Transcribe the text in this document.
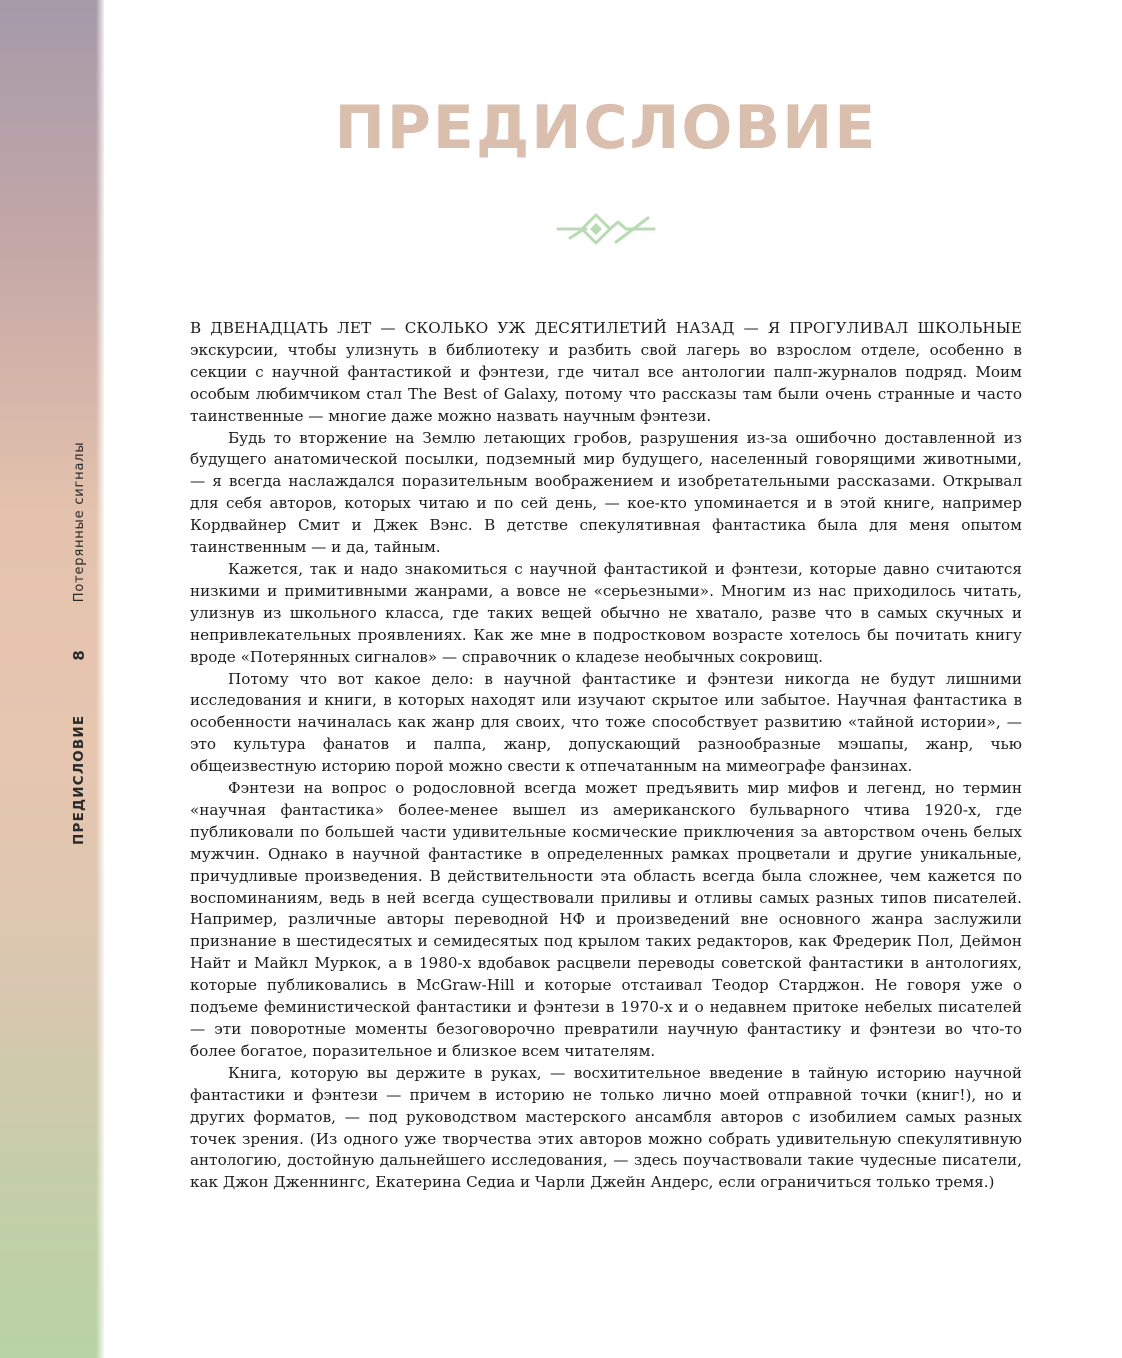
ПРЕДИСЛОВИЕ
8
Потерянные сигналы
ПРЕДИСЛОВИЕ

В ДВЕНАДЦАТЬ ЛЕТ — СКОЛЬКО УЖ ДЕСЯТИЛЕТИЙ НАЗАД — Я ПРОГУЛИВАЛ ШКОЛЬНЫЕ экскурсии, чтобы улизнуть в библиотеку и разбить свой лагерь во взрослом отделе, особенно в секции с научной фантастикой и фэнтези, где читал все антологии палп-журналов подряд. Моим особым любимчиком стал The Best of Galaxy, потому что рассказы там были очень странные и часто таинственные — многие даже можно назвать научным фэнтези.

Будь то вторжение на Землю летающих гробов, разрушения из-за ошибочно доставленной из будущего анатомической посылки, подземный мир будущего, населенный говорящими животными, — я всегда наслаждался поразительным воображением и изобретательными рассказами. Открывал для себя авторов, которых читаю и по сей день, — кое-кто упоминается и в этой книге, например Кордвайнер Смит и Джек Вэнс. В детстве спекулятивная фантастика была для меня опытом таинственным — и да, тайным.

Кажется, так и надо знакомиться с научной фантастикой и фэнтези, которые давно считаются низкими и примитивными жанрами, а вовсе не «серьезными». Многим из нас приходилось читать, улизнув из школьного класса, где таких вещей обычно не хватало, разве что в самых скучных и непривлекательных проявлениях. Как же мне в подростковом возрасте хотелось бы почитать книгу вроде «Потерянных сигналов» — справочник о кладезе необычных сокровищ.

Потому что вот какое дело: в научной фантастике и фэнтези никогда не будут лишними исследования и книги, в которых находят или изучают скрытое или забытое. Научная фантастика в особенности начиналась как жанр для своих, что тоже способствует развитию «тайной истории», — это культура фанатов и палпа, жанр, допускающий разнообразные мэшапы, жанр, чью общеизвестную историю порой можно свести к отпечатанным на мимеографе фанзинах.

Фэнтези на вопрос о родословной всегда может предъявить мир мифов и легенд, но термин «научная фантастика» более-менее вышел из американского бульварного чтива 1920-х, где публиковали по большей части удивительные космические приключения за авторством очень белых мужчин. Однако в научной фантастике в определенных рамках процветали и другие уникальные, причудливые произведения. В действительности эта область всегда была сложнее, чем кажется по воспоминаниям, ведь в ней всегда существовали приливы и отливы самых разных типов писателей. Например, различные авторы переводной НФ и произведений вне основного жанра заслужили признание в шестидесятых и семидесятых под крылом таких редакторов, как Фредерик Пол, Деймон Найт и Майкл Муркок, а в 1980-х вдобавок расцвели переводы советской фантастики в антологиях, которые публиковались в McGraw-Hill и которые отстаивал Теодор Старджон. Не говоря уже о подъеме феминистической фантастики и фэнтези в 1970-х и о недавнем притоке небелых писателей — эти поворотные моменты безоговорочно превратили научную фантастику и фэнтези во что-то более богатое, поразительное и близкое всем читателям.

Книга, которую вы держите в руках, — восхитительное введение в тайную историю научной фантастики и фэнтези — причем в историю не только лично моей отправной точки (книг!), но и других форматов, — под руководством мастерского ансамбля авторов с изобилием самых разных точек зрения. (Из одного уже творчества этих авторов можно собрать удивительную спекулятивную антологию, достойную дальнейшего исследования, — здесь поучаствовали такие чудесные писатели, как Джон Дженнингс, Екатерина Седиа и Чарли Джейн Андерс, если ограничиться только тремя.)
